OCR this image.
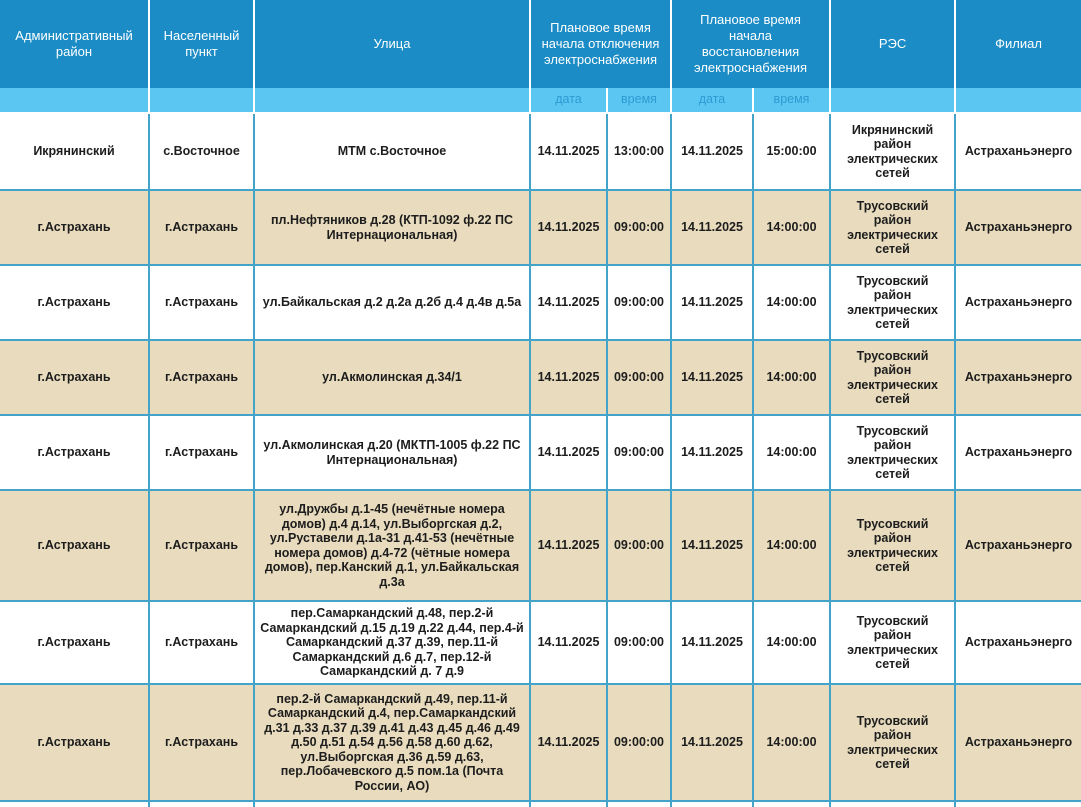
Административный район	Населенный пункт	Улица	Плановое время начала отключения электроснабжения		Плановое время начала восстановления электроснабжения		РЭС	Филиал
			дата	время	дата	время		
Икрянинский	с.Восточное	МТМ с.Восточное	14.11.2025	13:00:00	14.11.2025	15:00:00	Икрянинский район электрических сетей	Астраханьэнерго
г.Астрахань	г.Астрахань	пл.Нефтяников д.28 (КТП-1092 ф.22 ПС Интернациональная)	14.11.2025	09:00:00	14.11.2025	14:00:00	Трусовский район электрических сетей	Астраханьэнерго
г.Астрахань	г.Астрахань	ул.Байкальская д.2 д.2а д.2б д.4 д.4в д.5а	14.11.2025	09:00:00	14.11.2025	14:00:00	Трусовский район электрических сетей	Астраханьэнерго
г.Астрахань	г.Астрахань	ул.Акмолинская д.34/1	14.11.2025	09:00:00	14.11.2025	14:00:00	Трусовский район электрических сетей	Астраханьэнерго
г.Астрахань	г.Астрахань	ул.Акмолинская д.20 (МКТП-1005 ф.22 ПС Интернациональная)	14.11.2025	09:00:00	14.11.2025	14:00:00	Трусовский район электрических сетей	Астраханьэнерго
г.Астрахань	г.Астрахань	ул.Дружбы д.1-45 (нечётные номера домов) д.4 д.14, ул.Выборгская д.2, ул.Руставели д.1а-31 д.41-53 (нечётные номера домов) д.4-72 (чётные номера домов), пер.Канский д.1, ул.Байкальская д.3а	14.11.2025	09:00:00	14.11.2025	14:00:00	Трусовский район электрических сетей	Астраханьэнерго
г.Астрахань	г.Астрахань	пер.Самаркандский д.48, пер.2-й Самаркандский д.15 д.19 д.22 д.44, пер.4-й Самаркандский д.37 д.39, пер.11-й Самаркандский д.6 д.7, пер.12-й Самаркандский д. 7 д.9	14.11.2025	09:00:00	14.11.2025	14:00:00	Трусовский район электрических сетей	Астраханьэнерго
г.Астрахань	г.Астрахань	пер.2-й Самаркандский д.49, пер.11-й Самаркандский д.4, пер.Самаркандский д.31 д.33 д.37 д.39 д.41 д.43 д.45 д.46 д.49 д.50 д.51 д.54 д.56 д.58 д.60 д.62, ул.Выборгская д.36 д.59 д.63, пер.Лобачевского д.5 пом.1а (Почта России, АО)	14.11.2025	09:00:00	14.11.2025	14:00:00	Трусовский район электрических сетей	Астраханьэнерго
